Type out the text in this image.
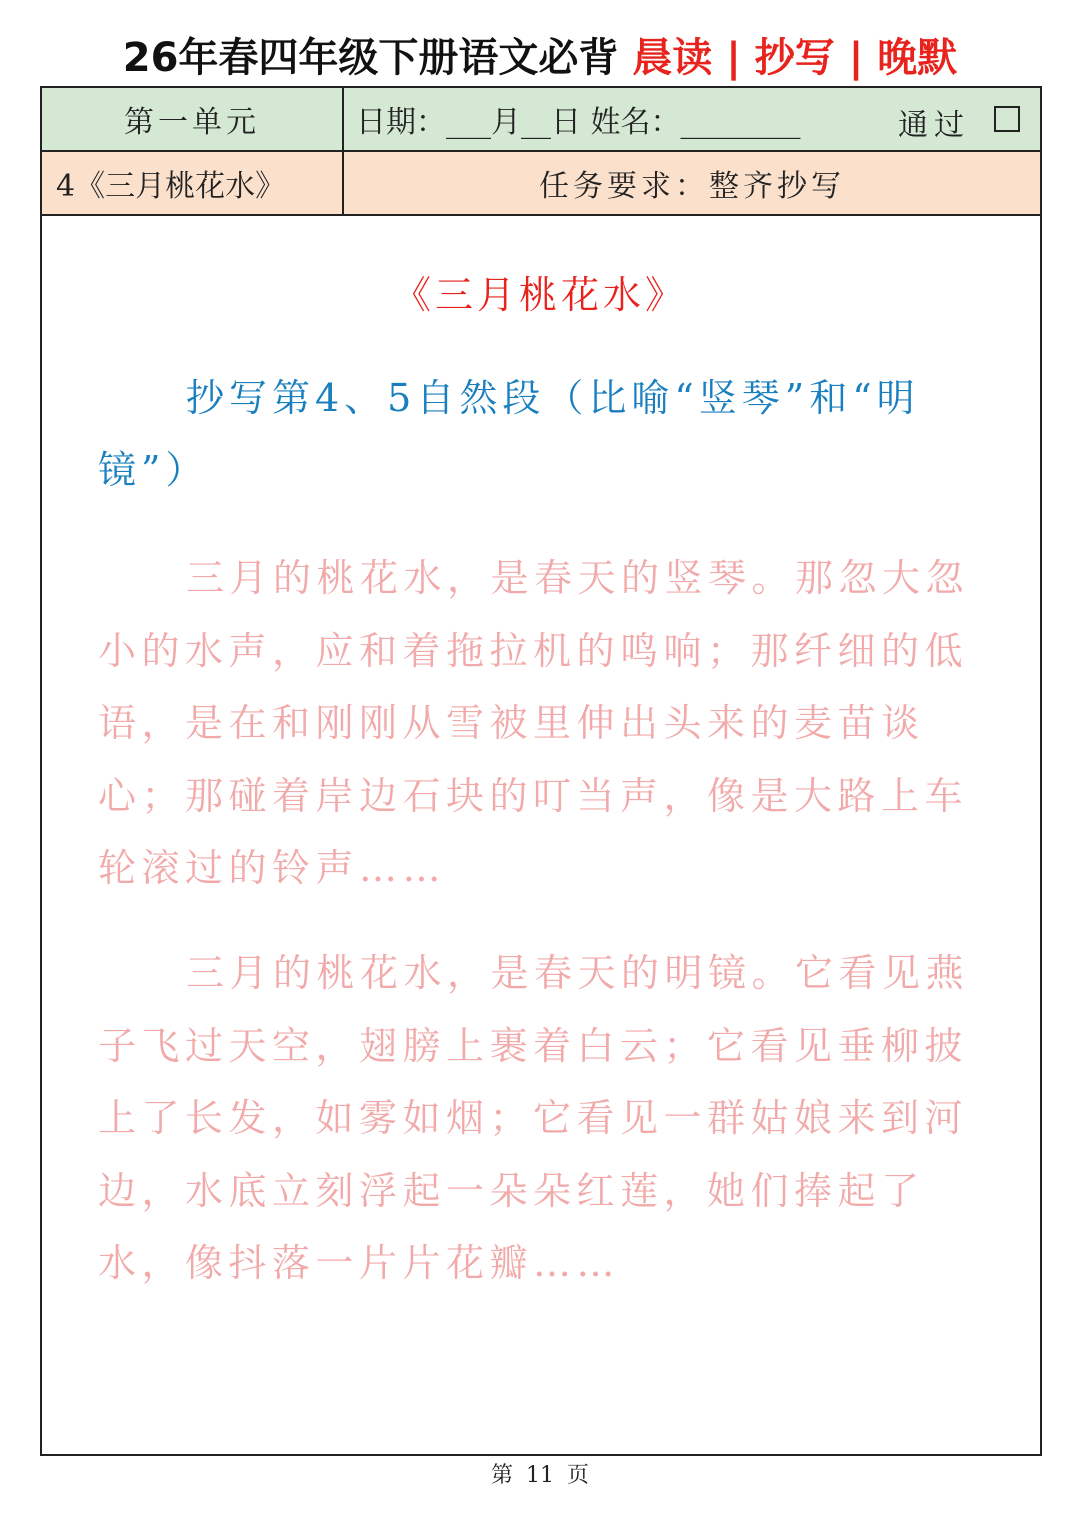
26年春四年级下册语文必背 晨读 | 抄写 | 晚默
第一单元	日期：___月__日 姓名：________	通过
4《三月桃花水》	任务要求：整齐抄写
《三月桃花水》
抄写第4、5自然段（比喻“竖琴”和“明镜”）
三月的桃花水，是春天的竖琴。那忽大忽小的水声，应和着拖拉机的鸣响；那纤细的低语，是在和刚刚从雪被里伸出头来的麦苗谈心；那碰着岸边石块的叮当声，像是大路上车轮滚过的铃声……
三月的桃花水，是春天的明镜。它看见燕子飞过天空，翅膀上裹着白云；它看见垂柳披上了长发，如雾如烟；它看见一群姑娘来到河边，水底立刻浮起一朵朵红莲，她们捧起了水，像抖落一片片花瓣……
第 11 页
